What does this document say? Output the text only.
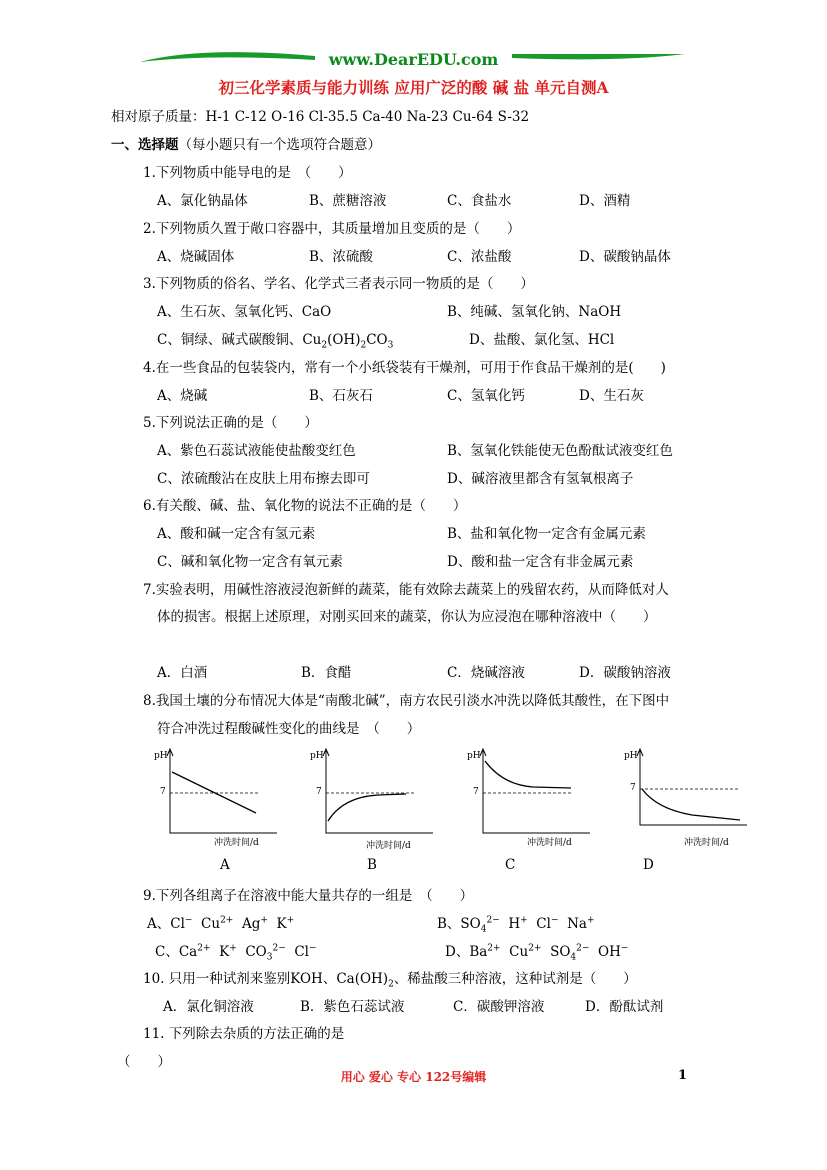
www.DearEDU.com
初三化学素质与能力训练 应用广泛的酸 碱 盐 单元自测A
相对原子质量：H-1 C-12 O-16 Cl-35.5 Ca-40 Na-23 Cu-64 S-32
一、选择题（每小题只有一个选项符合题意）
1.下列物质中能导电的是　（　　）
A、氯化钠晶体	B、蔗糖溶液	C、食盐水	D、酒精
2.下列物质久置于敞口容器中，其质量增加且变质的是（　　）
A、烧碱固体	B、浓硫酸	C、浓盐酸	D、碳酸钠晶体
3.下列物质的俗名、学名、化学式三者表示同一物质的是（　　）
A、生石灰、氢氧化钙、CaO	B、纯碱、氢氧化钠、NaOH
C、铜绿、碱式碳酸铜、$Cu_2(OH)_2CO_3$	D、盐酸、氯化氢、HCl
4.在一些食品的包装袋内，常有一个小纸袋装有干燥剂，可用于作食品干燥剂的是(　　)
A、烧碱	B、石灰石	C、氢氧化钙	D、生石灰
5.下列说法正确的是（　　）
A、紫色石蕊试液能使盐酸变红色	B、氢氧化铁能使无色酚酞试液变红色
C、浓硫酸沾在皮肤上用布擦去即可	D、碱溶液里都含有氢氧根离子
6.有关酸、碱、盐、氧化物的说法不正确的是（　　）
A、酸和碱一定含有氢元素	B、盐和氧化物一定含有金属元素
C、碱和氧化物一定含有氧元素	D、酸和盐一定含有非金属元素
7.实验表明，用碱性溶液浸泡新鲜的蔬菜，能有效除去蔬菜上的残留农药，从而降低对人
体的损害。根据上述原理，对刚买回来的蔬菜，你认为应浸泡在哪种溶液中（　　）
A．白酒	B．食醋	C．烧碱溶液	D．碳酸钠溶液
8.我国土壤的分布情况大体是“南酸北碱”，南方农民引淡水冲洗以降低其酸性，在下图中
符合冲洗过程酸碱性变化的曲线是　（　　）
pH
7
冲洗时间/d
pH
7
冲洗时间/d
pH
7
冲洗时间/d
pH
7
冲洗时间/d
A	B	C	D
9.下列各组离子在溶液中能大量共存的一组是　（　　）
A、Cl− $Cu^{2+}$ Ag+ K+	B、$SO_4^{2-}$ H+ Cl− Na+
C、$Ca^{2+}$ K+ $CO_3^{2-}$ Cl−	D、$Ba^{2+}$ $Cu^{2+}$ $SO_4^{2-}$ OH−
10. 只用一种试剂来鉴别KOH、$Ca(OH)_2$、稀盐酸三种溶液，这种试剂是（　　）
A．氯化铜溶液	B．紫色石蕊试液	C．碳酸钾溶液	D．酚酞试剂
11. 下列除去杂质的方法正确的是
（　　）
用心 爱心 专心 122号编辑	1
